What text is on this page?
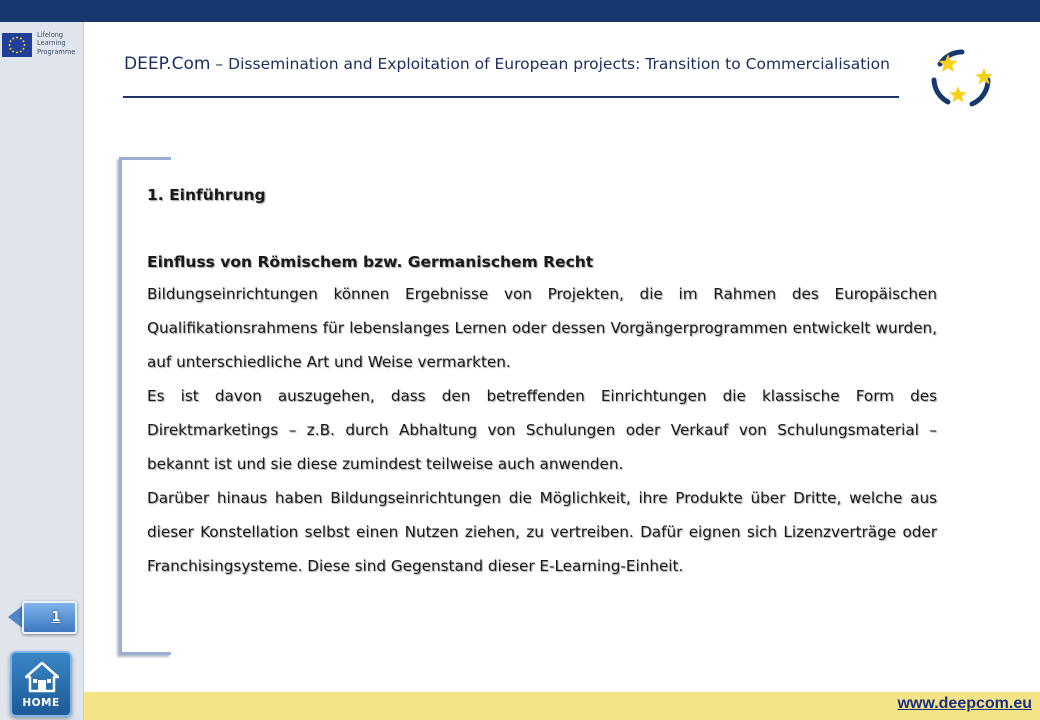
Lifelong
Learning
Programme
DEEP.Com – Dissemination and Exploitation of European projects: Transition to Commercialisation
1. Einführung
Einfluss von Römischem bzw. Germanischem Recht

Bildungseinrichtungen können Ergebnisse von Projekten, die im Rahmen des Europäischen Qualifikationsrahmens für lebenslanges Lernen oder dessen Vorgängerprogrammen entwickelt wurden, auf unterschiedliche Art und Weise vermarkten.

Es ist davon auszugehen, dass den betreffenden Einrichtungen die klassische Form des Direktmarketings – z.B. durch Abhaltung von Schulungen oder Verkauf von Schulungsmaterial – bekannt ist und sie diese zumindest teilweise auch anwenden.

Darüber hinaus haben Bildungseinrichtungen die Möglichkeit, ihre Produkte über Dritte, welche aus dieser Konstellation selbst einen Nutzen ziehen, zu vertreiben. Dafür eignen sich Lizenzverträge oder Franchisingsysteme. Diese sind Gegenstand dieser E-Learning-Einheit.

1
HOME	www.deepcom.eu
